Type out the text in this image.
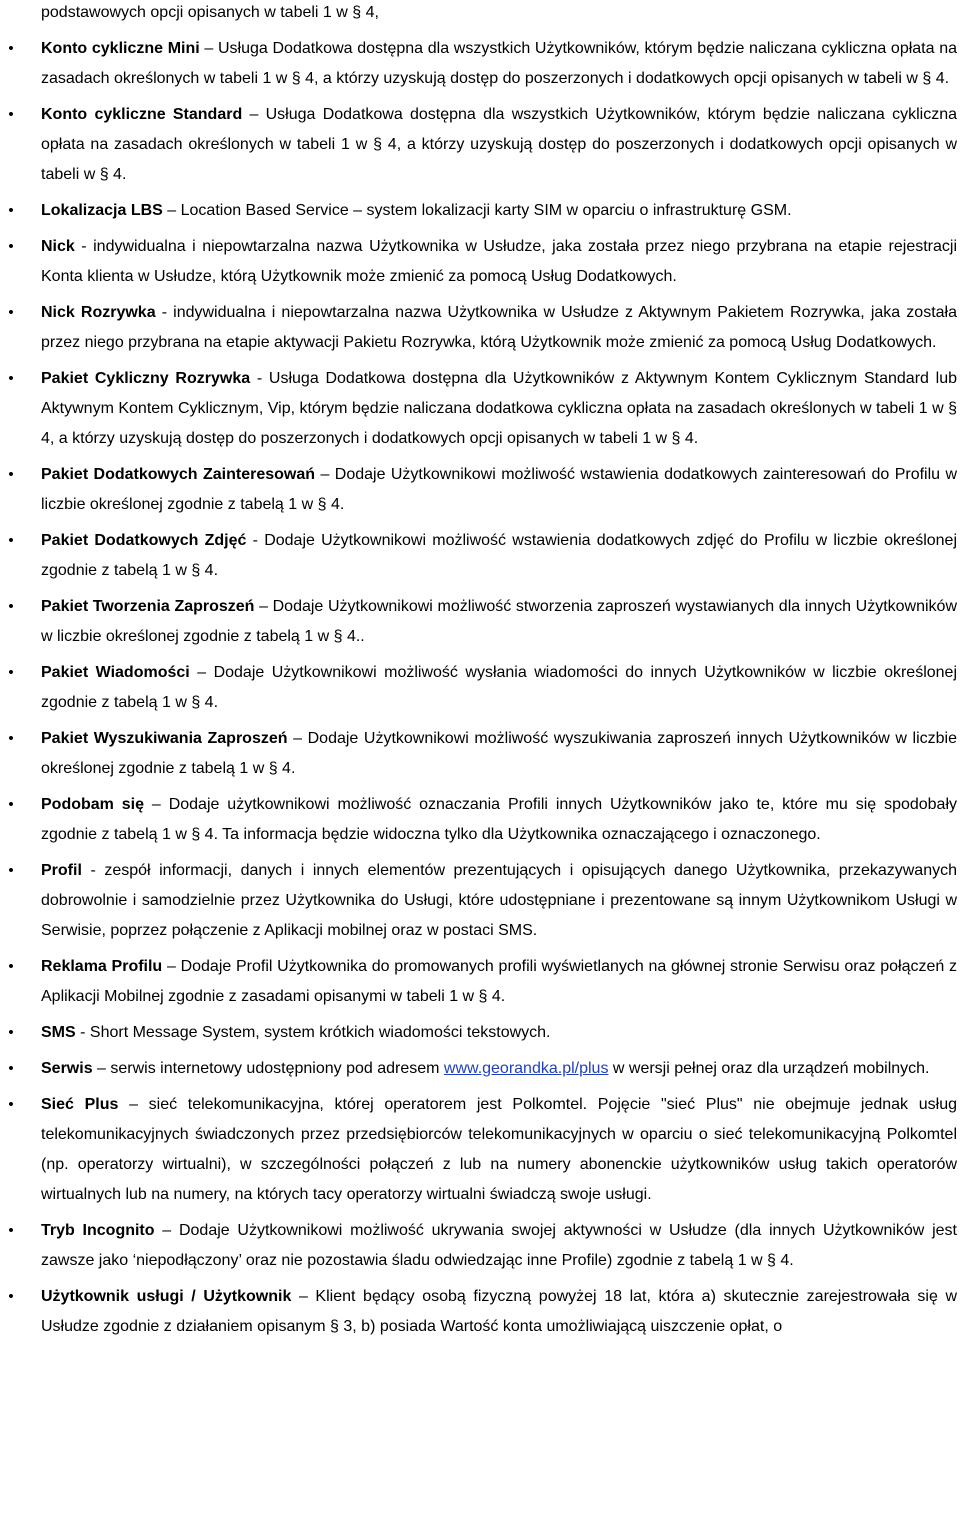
podstawowych opcji opisanych w tabeli 1 w § 4,

• Konto cykliczne Mini – Usługa Dodatkowa dostępna dla wszystkich Użytkowników, którym będzie naliczana cykliczna opłata na zasadach określonych w tabeli 1 w § 4, a którzy uzyskują dostęp do poszerzonych i dodatkowych opcji opisanych w tabeli w § 4.
• Konto cykliczne Standard – Usługa Dodatkowa dostępna dla wszystkich Użytkowników, którym będzie naliczana cykliczna opłata na zasadach określonych w tabeli 1 w § 4, a którzy uzyskują dostęp do poszerzonych i dodatkowych opcji opisanych w tabeli w § 4.
• Lokalizacja LBS – Location Based Service – system lokalizacji karty SIM w oparciu o infrastrukturę GSM.
• Nick - indywidualna i niepowtarzalna nazwa Użytkownika w Usłudze, jaka została przez niego przybrana na etapie rejestracji Konta klienta w Usłudze, którą Użytkownik może zmienić za pomocą Usług Dodatkowych.
• Nick Rozrywka - indywidualna i niepowtarzalna nazwa Użytkownika w Usłudze z Aktywnym Pakietem Rozrywka, jaka została przez niego przybrana na etapie aktywacji Pakietu Rozrywka, którą Użytkownik może zmienić za pomocą Usług Dodatkowych.
• Pakiet Cykliczny Rozrywka - Usługa Dodatkowa dostępna dla Użytkowników z Aktywnym Kontem Cyklicznym Standard lub Aktywnym Kontem Cyklicznym, Vip, którym będzie naliczana dodatkowa cykliczna opłata na zasadach określonych w tabeli 1 w § 4, a którzy uzyskują dostęp do poszerzonych i dodatkowych opcji opisanych w tabeli 1 w § 4.
• Pakiet Dodatkowych Zainteresowań – Dodaje Użytkownikowi możliwość wstawienia dodatkowych zainteresowań do Profilu w liczbie określonej zgodnie z tabelą 1 w § 4.
• Pakiet Dodatkowych Zdjęć - Dodaje Użytkownikowi możliwość wstawienia dodatkowych zdjęć do Profilu w liczbie określonej zgodnie z tabelą 1 w § 4.
• Pakiet Tworzenia Zaproszeń – Dodaje Użytkownikowi możliwość stworzenia zaproszeń wystawianych dla innych Użytkowników w liczbie określonej zgodnie z tabelą 1 w § 4..
• Pakiet Wiadomości – Dodaje Użytkownikowi możliwość wysłania wiadomości do innych Użytkowników w liczbie określonej zgodnie z tabelą 1 w § 4.
• Pakiet Wyszukiwania Zaproszeń – Dodaje Użytkownikowi możliwość wyszukiwania zaproszeń innych Użytkowników w liczbie określonej zgodnie z tabelą 1 w § 4.
• Podobam się – Dodaje użytkownikowi możliwość oznaczania Profili innych Użytkowników jako te, które mu się spodobały zgodnie z tabelą 1 w § 4. Ta informacja będzie widoczna tylko dla Użytkownika oznaczającego i oznaczonego.
• Profil - zespół informacji, danych i innych elementów prezentujących i opisujących danego Użytkownika, przekazywanych dobrowolnie i samodzielnie przez Użytkownika do Usługi, które udostępniane i prezentowane są innym Użytkownikom Usługi w Serwisie, poprzez połączenie z Aplikacji mobilnej oraz w postaci SMS.
• Reklama Profilu – Dodaje Profil Użytkownika do promowanych profili wyświetlanych na głównej stronie Serwisu oraz połączeń z Aplikacji Mobilnej zgodnie z zasadami opisanymi w tabeli 1 w § 4.
• SMS - Short Message System, system krótkich wiadomości tekstowych.
• Serwis – serwis internetowy udostępniony pod adresem www.georandka.pl/plus w wersji pełnej oraz dla urządzeń mobilnych.
• Sieć Plus – sieć telekomunikacyjna, której operatorem jest Polkomtel. Pojęcie "sieć Plus" nie obejmuje jednak usług telekomunikacyjnych świadczonych przez przedsiębiorców telekomunikacyjnych w oparciu o sieć telekomunikacyjną Polkomtel (np. operatorzy wirtualni), w szczególności połączeń z lub na numery abonenckie użytkowników usług takich operatorów wirtualnych lub na numery, na których tacy operatorzy wirtualni świadczą swoje usługi.
• Tryb Incognito – Dodaje Użytkownikowi możliwość ukrywania swojej aktywności w Usłudze (dla innych Użytkowników jest zawsze jako ‘niepodłączony’ oraz nie pozostawia śladu odwiedzając inne Profile) zgodnie z tabelą 1 w § 4.
• Użytkownik usługi / Użytkownik – Klient będący osobą fizyczną powyżej 18 lat, która a) skutecznie zarejestrowała się w Usłudze zgodnie z działaniem opisanym § 3, b) posiada Wartość konta umożliwiającą uiszczenie opłat, o
